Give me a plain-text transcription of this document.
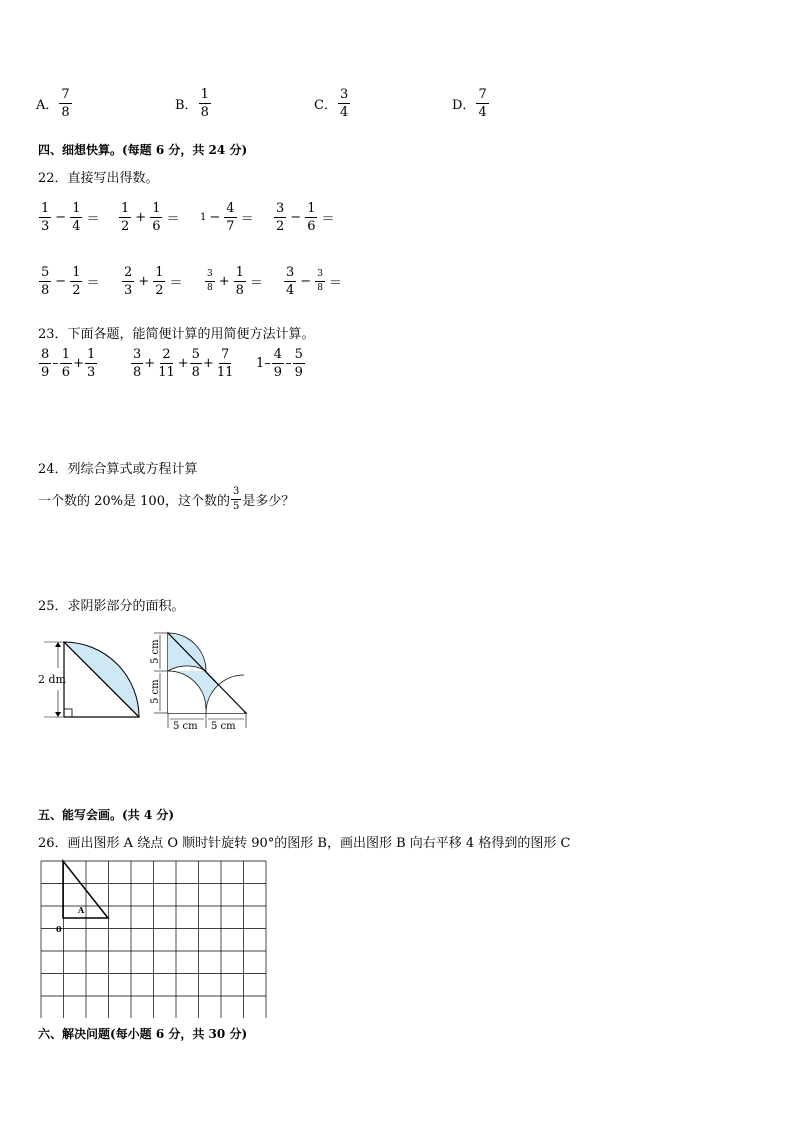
A． $\frac{7}{8}$	B． $\frac{1}{8}$	C． $\frac{3}{4}$	D． $\frac{7}{4}$
四、细想快算。(每题 6 分，共 24 分)
22．直接写出得数。
$\frac{1}{3} - \frac{1}{4} = \frac{1}{2} + \frac{1}{6} = 1 - \frac{4}{7} = \frac{3}{2} - \frac{1}{6}$ ＝
$\frac{5}{8} - \frac{1}{2} = \frac{2}{3} + \frac{1}{2}$ ＝	$\frac{3}{8} + \frac{1}{8} = \frac{3}{4} - \frac{3}{8}$ ＝
23．下面各题，能简便计算的用简便方法计算。
$\frac{8}{9} - \frac{1}{6} + \frac{1}{3}$	$\frac{3}{8} + \frac{2}{11} + \frac{5}{8} + \frac{7}{11} 1- \frac{4}{9} - \frac{5}{9}$
24．列综合算式或方程计算
一个数的 20%是 100，这个数的 $\frac{3}{5}$ 是多少？
25．求阴影部分的面积。
2 dm
5 cm
5 cm
5 cm 5 cm
五、能写会画。(共 4 分)
26．画出图形 A 绕点 O 顺时针旋转 90°的图形 B，画出图形 B 向右平移 4 格得到的图形 C
A
0
六、解决问题(每小题 6 分，共 30 分)
